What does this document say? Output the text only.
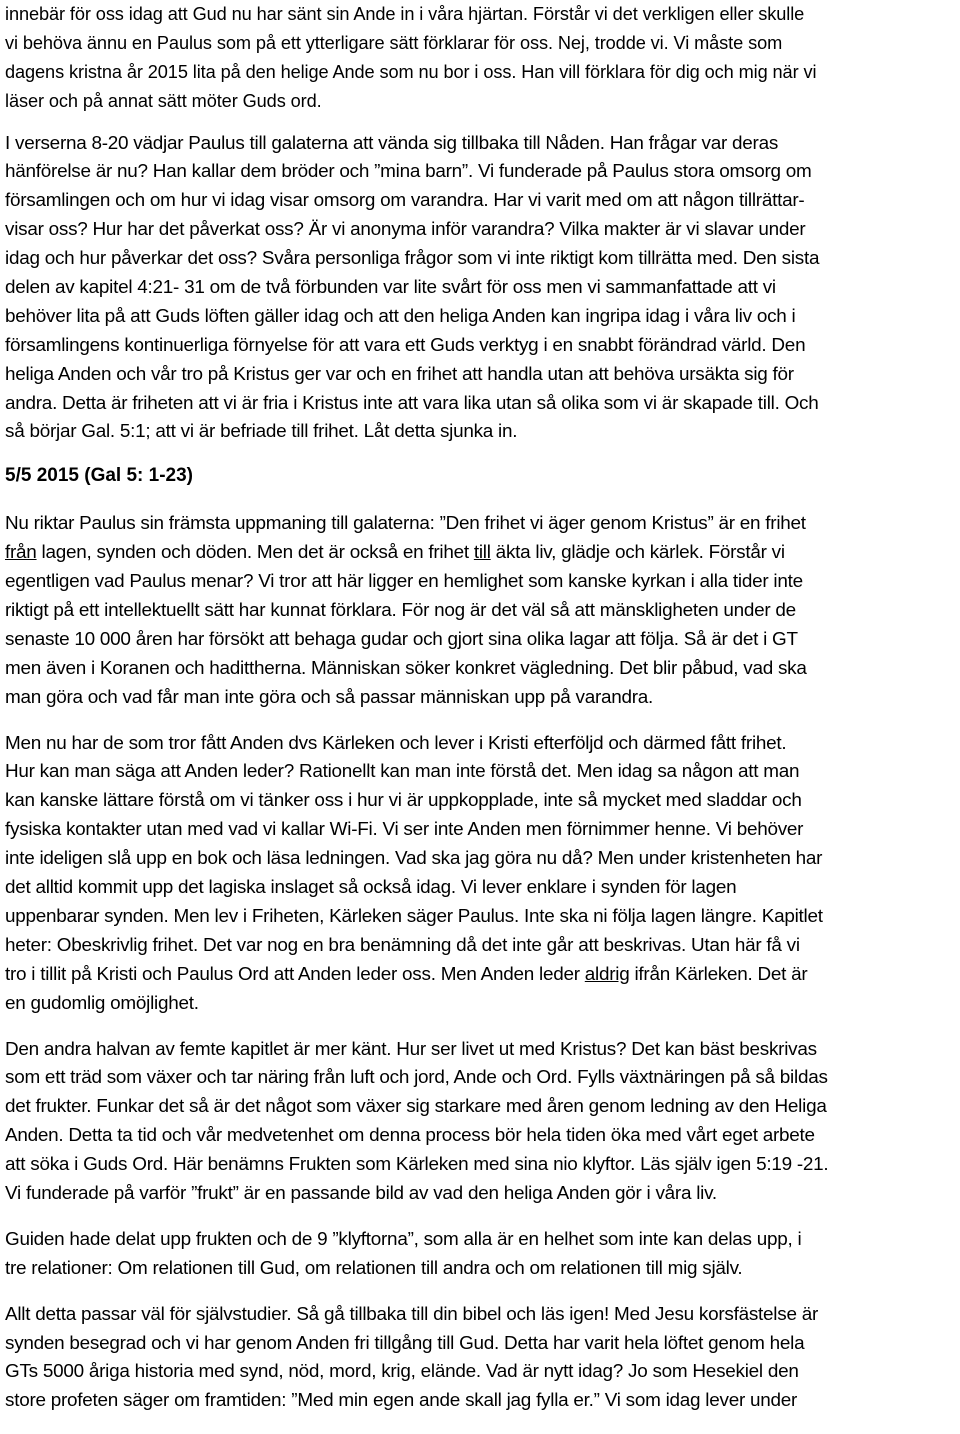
innebär för oss idag att Gud nu har sänt sin Ande in i våra hjärtan. Förstår vi det verkligen eller skulle
vi behöva ännu en Paulus som på ett ytterligare sätt förklarar för oss. Nej, trodde vi. Vi måste som
dagens kristna år 2015 lita på den helige Ande som nu bor i oss. Han vill förklara för dig och mig när vi
läser och på annat sätt möter Guds ord.
I verserna 8-20 vädjar Paulus till galaterna att vända sig tillbaka till Nåden. Han frågar var deras
hänförelse är nu? Han kallar dem bröder och ”mina barn”. Vi funderade på Paulus stora omsorg om
församlingen och om hur vi idag visar omsorg om varandra. Har vi varit med om att någon tillrättar-
visar oss? Hur har det påverkat oss? Är vi anonyma inför varandra? Vilka makter är vi slavar under
idag och hur påverkar det oss? Svåra personliga frågor som vi inte riktigt kom tillrätta med. Den sista
delen av kapitel 4:21- 31 om de två förbunden var lite svårt för oss men vi sammanfattade att vi
behöver lita på att Guds löften gäller idag och att den heliga Anden kan ingripa idag i våra liv och i
församlingens kontinuerliga förnyelse för att vara ett Guds verktyg i en snabbt förändrad värld. Den
heliga Anden och vår tro på Kristus ger var och en frihet att handla utan att behöva ursäkta sig för
andra. Detta är friheten att vi är fria i Kristus inte att vara lika utan så olika som vi är skapade till. Och
så börjar Gal. 5:1; att vi är befriade till frihet. Låt detta sjunka in.
5/5 2015 (Gal 5: 1-23)
Nu riktar Paulus sin främsta uppmaning till galaterna: ”Den frihet vi äger genom Kristus” är en frihet
från lagen, synden och döden. Men det är också en frihet till äkta liv, glädje och kärlek. Förstår vi
egentligen vad Paulus menar? Vi tror att här ligger en hemlighet som kanske kyrkan i alla tider inte
riktigt på ett intellektuellt sätt har kunnat förklara. För nog är det väl så att mänskligheten under de
senaste 10 000 åren har försökt att behaga gudar och gjort sina olika lagar att följa. Så är det i GT
men även i Koranen och hadittherna. Människan söker konkret vägledning. Det blir påbud, vad ska
man göra och vad får man inte göra och så passar människan upp på varandra.
Men nu har de som tror fått Anden dvs Kärleken och lever i Kristi efterföljd och därmed fått frihet.
Hur kan man säga att Anden leder? Rationellt kan man inte förstå det. Men idag sa någon att man
kan kanske lättare förstå om vi tänker oss i hur vi är uppkopplade, inte så mycket med sladdar och
fysiska kontakter utan med vad vi kallar Wi-Fi. Vi ser inte Anden men förnimmer henne. Vi behöver
inte ideligen slå upp en bok och läsa ledningen. Vad ska jag göra nu då? Men under kristenheten har
det alltid kommit upp det lagiska inslaget så också idag. Vi lever enklare i synden för lagen
uppenbarar synden. Men lev i Friheten, Kärleken säger Paulus. Inte ska ni följa lagen längre. Kapitlet
heter: Obeskrivlig frihet. Det var nog en bra benämning då det inte går att beskrivas. Utan här få vi
tro i tillit på Kristi och Paulus Ord att Anden leder oss. Men Anden leder aldrig ifrån Kärleken. Det är
en gudomlig omöjlighet.
Den andra halvan av femte kapitlet är mer känt. Hur ser livet ut med Kristus? Det kan bäst beskrivas
som ett träd som växer och tar näring från luft och jord, Ande och Ord. Fylls växtnäringen på så bildas
det frukter. Funkar det så är det något som växer sig starkare med åren genom ledning av den Heliga
Anden. Detta ta tid och vår medvetenhet om denna process bör hela tiden öka med vårt eget arbete
att söka i Guds Ord. Här benämns Frukten som Kärleken med sina nio klyftor. Läs själv igen 5:19 -21.
Vi funderade på varför ”frukt” är en passande bild av vad den heliga Anden gör i våra liv.
Guiden hade delat upp frukten och de 9 ”klyftorna”, som alla är en helhet som inte kan delas upp, i
tre relationer: Om relationen till Gud, om relationen till andra och om relationen till mig själv.
Allt detta passar väl för självstudier. Så gå tillbaka till din bibel och läs igen! Med Jesu korsfästelse är
synden besegrad och vi har genom Anden fri tillgång till Gud. Detta har varit hela löftet genom hela
GTs 5000 åriga historia med synd, nöd, mord, krig, elände. Vad är nytt idag? Jo som Hesekiel den
store profeten säger om framtiden: ”Med min egen ande skall jag fylla er.” Vi som idag lever under
